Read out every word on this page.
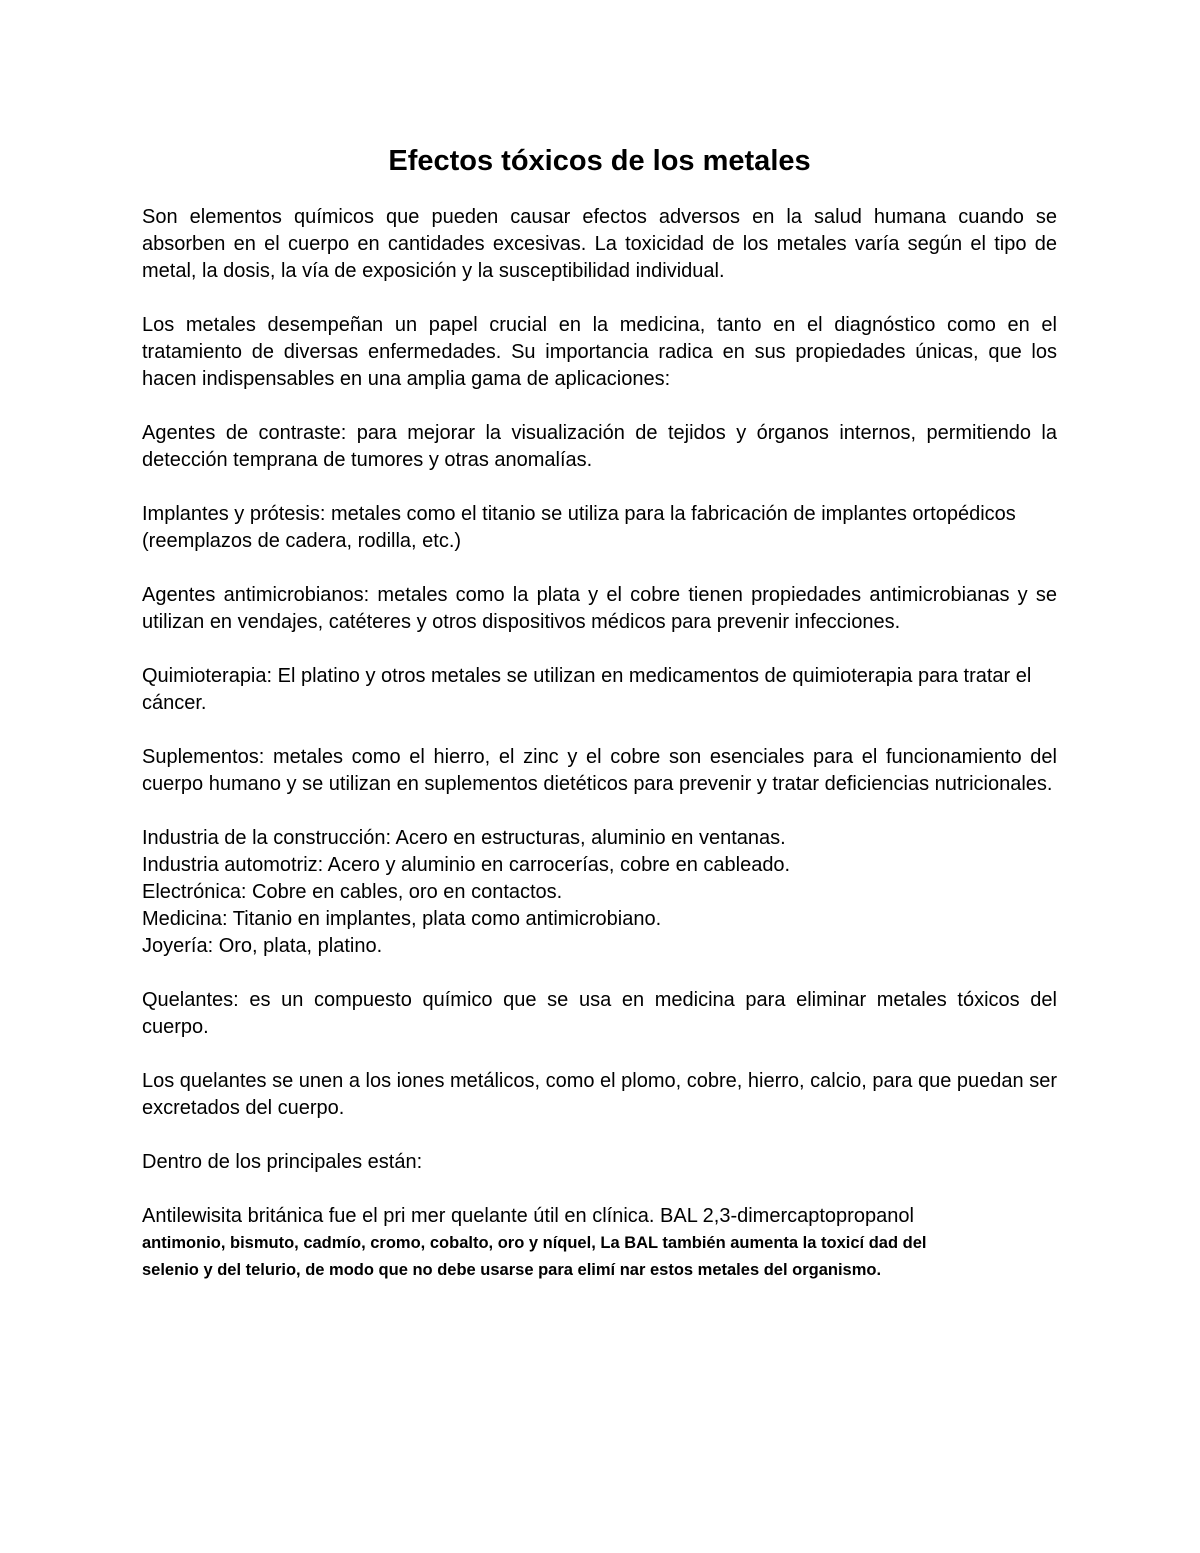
Efectos tóxicos de los metales

Son elementos químicos que pueden causar efectos adversos en la salud humana cuando se absorben en el cuerpo en cantidades excesivas. La toxicidad de los metales varía según el tipo de metal, la dosis, la vía de exposición y la susceptibilidad individual.

Los metales desempeñan un papel crucial en la medicina, tanto en el diagnóstico como en el tratamiento de diversas enfermedades. Su importancia radica en sus propiedades únicas, que los hacen indispensables en una amplia gama de aplicaciones:

Agentes de contraste: para mejorar la visualización de tejidos y órganos internos, permitiendo la detección temprana de tumores y otras anomalías.

Implantes y prótesis: metales como el titanio se utiliza para la fabricación de implantes ortopédicos (reemplazos de cadera, rodilla, etc.)

Agentes antimicrobianos: metales como la plata y el cobre tienen propiedades antimicrobianas y se utilizan en vendajes, catéteres y otros dispositivos médicos para prevenir infecciones.

Quimioterapia: El platino y otros metales se utilizan en medicamentos de quimioterapia para tratar el cáncer.

Suplementos: metales como el hierro, el zinc y el cobre son esenciales para el funcionamiento del cuerpo humano y se utilizan en suplementos dietéticos para prevenir y tratar deficiencias nutricionales.

Industria de la construcción: Acero en estructuras, aluminio en ventanas.
Industria automotriz: Acero y aluminio en carrocerías, cobre en cableado.
Electrónica: Cobre en cables, oro en contactos.
Medicina: Titanio en implantes, plata como antimicrobiano.
Joyería: Oro, plata, platino.

Quelantes: es un compuesto químico que se usa en medicina para eliminar metales tóxicos del cuerpo.

Los quelantes se unen a los iones metálicos, como el plomo, cobre, hierro, calcio, para que puedan ser excretados del cuerpo.

Dentro de los principales están:

Antilewisita británica fue el pri mer quelante útil en clínica. BAL 2,3-dimercaptopropanol
antimonio, bismuto, cadmío, cromo, cobalto, oro y níquel, La BAL también aumenta la toxicí dad del
selenio y del telurio, de modo que no debe usarse para elimí nar estos metales del organismo.
